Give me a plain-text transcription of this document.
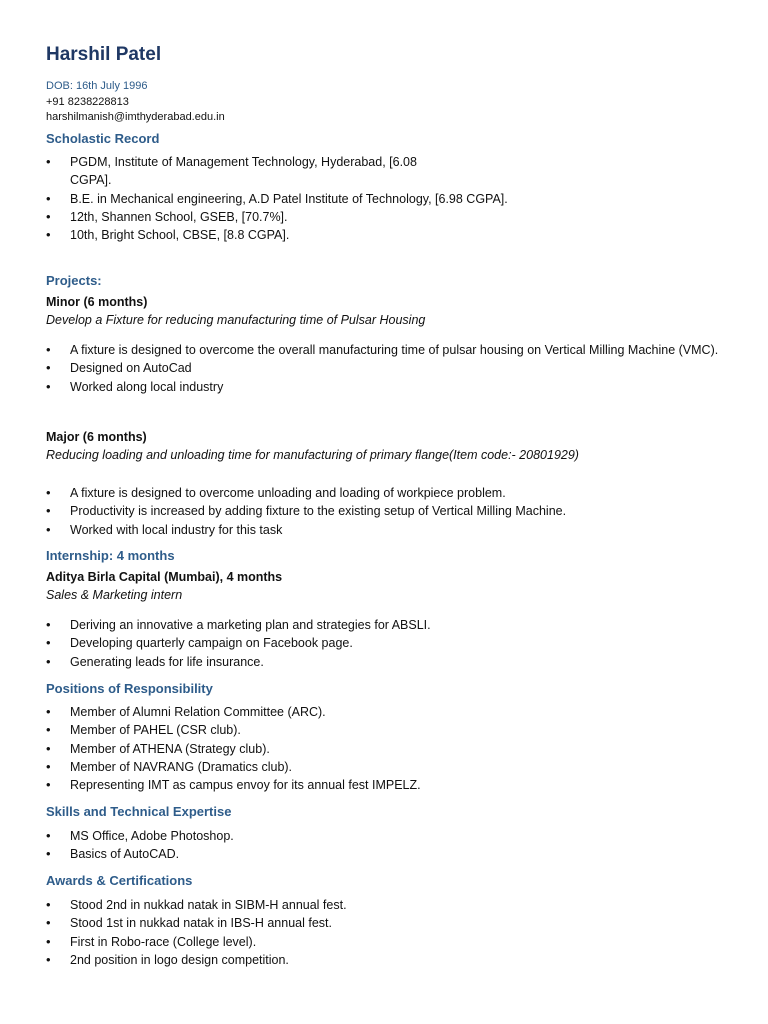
Harshil Patel
DOB: 16th July 1996
+91 8238228813
harshilmanish@imthyderabad.edu.in
Scholastic Record
• PGDM, Institute of Management Technology, Hyderabad, [6.08 CGPA].
• B.E. in Mechanical engineering, A.D Patel Institute of Technology, [6.98 CGPA].
• 12th, Shannen School, GSEB, [70.7%].
• 10th, Bright School, CBSE, [8.8 CGPA].
Projects:
Minor (6 months)
Develop a Fixture for reducing manufacturing time of Pulsar Housing
• A fixture is designed to overcome the overall manufacturing time of pulsar housing on Vertical Milling Machine (VMC).
• Designed on AutoCad
• Worked along local industry
Major (6 months)
Reducing loading and unloading time for manufacturing of primary flange(Item code:- 20801929)
• A fixture is designed to overcome unloading and loading of workpiece problem.
• Productivity is increased by adding fixture to the existing setup of Vertical Milling Machine.
• Worked with local industry for this task
Internship: 4 months
Aditya Birla Capital (Mumbai), 4 months
Sales & Marketing intern
• Deriving an innovative a marketing plan and strategies for ABSLI.
• Developing quarterly campaign on Facebook page.
• Generating leads for life insurance.
Positions of Responsibility
• Member of Alumni Relation Committee (ARC).
• Member of PAHEL (CSR club).
• Member of ATHENA (Strategy club).
• Member of NAVRANG (Dramatics club).
• Representing IMT as campus envoy for its annual fest IMPELZ.
Skills and Technical Expertise
• MS Office, Adobe Photoshop.
• Basics of AutoCAD.
Awards & Certifications
• Stood 2nd in nukkad natak in SIBM-H annual fest.
• Stood 1st in nukkad natak in IBS-H annual fest.
• First in Robo-race (College level).
• 2nd position in logo design competition.
